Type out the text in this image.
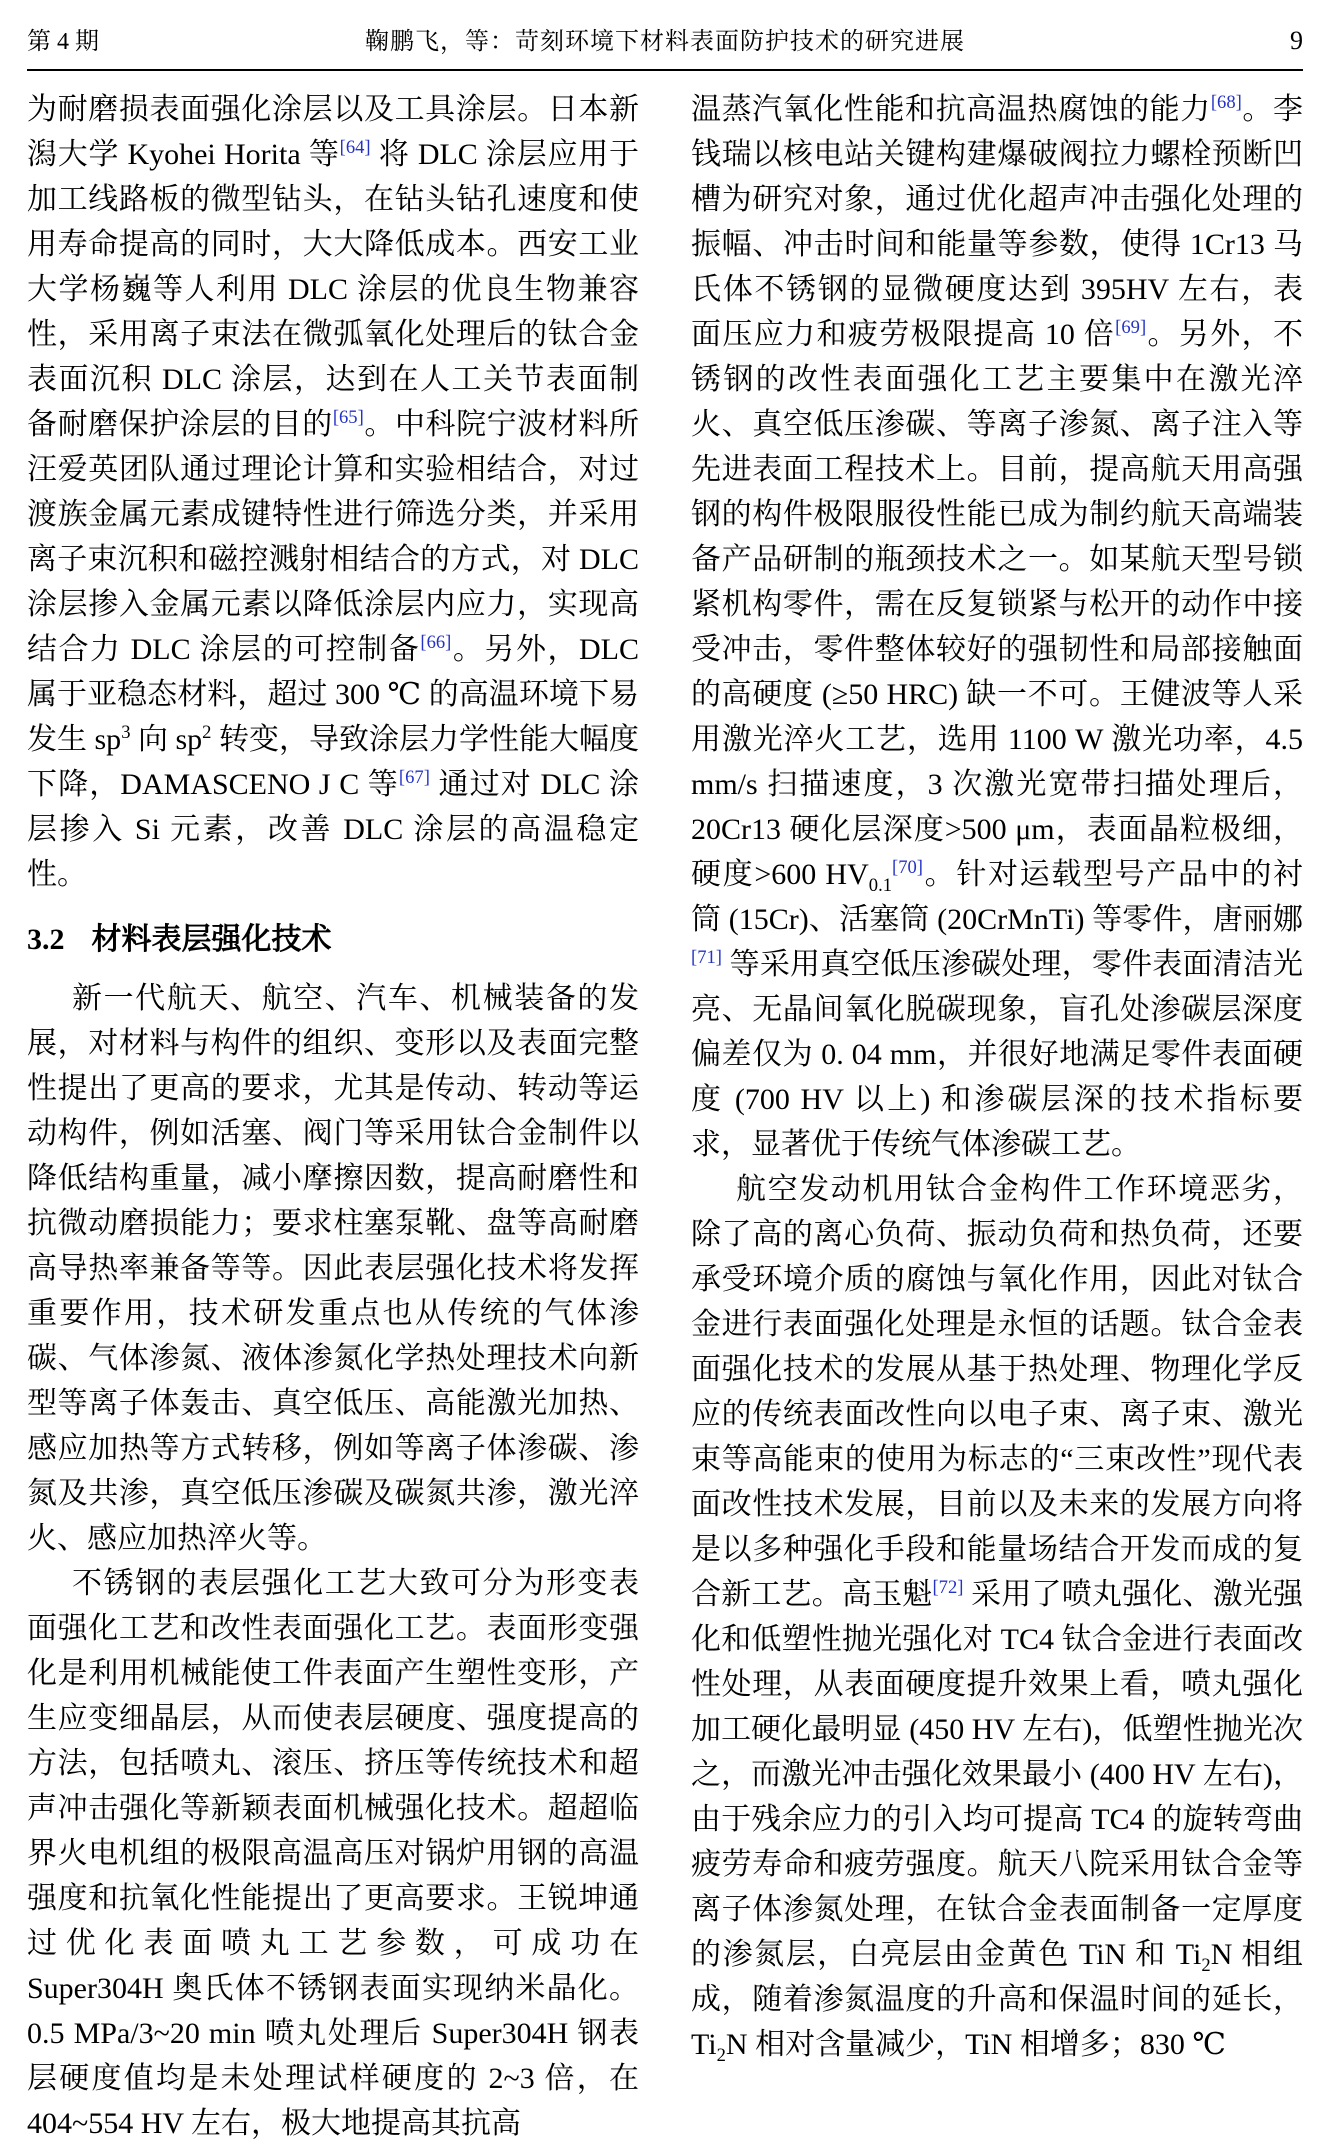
第 4 期	鞠鹏飞，等：苛刻环境下材料表面防护技术的研究进展	9

为耐磨损表面强化涂层以及工具涂层。日本新潟大学 Kyohei Horita 等[64] 将 DLC 涂层应用于加工线路板的微型钻头，在钻头钻孔速度和使用寿命提高的同时，大大降低成本。西安工业大学杨巍等人利用 DLC 涂层的优良生物兼容性，采用离子束法在微弧氧化处理后的钛合金表面沉积 DLC 涂层，达到在人工关节表面制备耐磨保护涂层的目的[65]。中科院宁波材料所汪爱英团队通过理论计算和实验相结合，对过渡族金属元素成键特性进行筛选分类，并采用离子束沉积和磁控溅射相结合的方式，对 DLC 涂层掺入金属元素以降低涂层内应力，实现高结合力 DLC 涂层的可控制备[66]。另外，DLC 属于亚稳态材料，超过 300 ℃ 的高温环境下易发生 $sp^3$ 向 $sp^2$ 转变，导致涂层力学性能大幅度下降，DAMASCENO J C 等[67] 通过对 DLC 涂层掺入 Si 元素，改善 DLC 涂层的高温稳定性。

3.2 材料表层强化技术

新一代航天、航空、汽车、机械装备的发展，对材料与构件的组织、变形以及表面完整性提出了更高的要求，尤其是传动、转动等运动构件，例如活塞、阀门等采用钛合金制件以降低结构重量，减小摩擦因数，提高耐磨性和抗微动磨损能力；要求柱塞泵靴、盘等高耐磨高导热率兼备等等。因此表层强化技术将发挥重要作用，技术研发重点也从传统的气体渗碳、气体渗氮、液体渗氮化学热处理技术向新型等离子体轰击、真空低压、高能激光加热、感应加热等方式转移，例如等离子体渗碳、渗氮及共渗，真空低压渗碳及碳氮共渗，激光淬火、感应加热淬火等。

不锈钢的表层强化工艺大致可分为形变表面强化工艺和改性表面强化工艺。表面形变强化是利用机械能使工件表面产生塑性变形，产生应变细晶层，从而使表层硬度、强度提高的方法，包括喷丸、滚压、挤压等传统技术和超声冲击强化等新颖表面机械强化技术。超超临界火电机组的极限高温高压对锅炉用钢的高温强度和抗氧化性能提出了更高要求。王锐坤通过优化表面喷丸工艺参数，可成功在 Super304H 奥氏体不锈钢表面实现纳米晶化。0.5 MPa/3~20 min 喷丸处理后 Super304H 钢表层硬度值均是未处理试样硬度的 2~3 倍，在 404~554 HV 左右，极大地提高其抗高

温蒸汽氧化性能和抗高温热腐蚀的能力[68]。李钱瑞以核电站关键构建爆破阀拉力螺栓预断凹槽为研究对象，通过优化超声冲击强化处理的振幅、冲击时间和能量等参数，使得 1Cr13 马氏体不锈钢的显微硬度达到 395HV 左右，表面压应力和疲劳极限提高 10 倍[69]。另外，不锈钢的改性表面强化工艺主要集中在激光淬火、真空低压渗碳、等离子渗氮、离子注入等先进表面工程技术上。目前，提高航天用高强钢的构件极限服役性能已成为制约航天高端装备产品研制的瓶颈技术之一。如某航天型号锁紧机构零件，需在反复锁紧与松开的动作中接受冲击，零件整体较好的强韧性和局部接触面的高硬度 (≥50 HRC) 缺一不可。王健波等人采用激光淬火工艺，选用 1100 W 激光功率，4.5 mm/s 扫描速度，3 次激光宽带扫描处理后，20Cr13 硬化层深度>500 μm，表面晶粒极细，硬度>600 $HV_{0.1}[70]$。针对运载型号产品中的衬筒 (15Cr)、活塞筒 (20CrMnTi) 等零件，唐丽娜[71] 等采用真空低压渗碳处理，零件表面清洁光亮、无晶间氧化脱碳现象，盲孔处渗碳层深度偏差仅为 0. 04 mm，并很好地满足零件表面硬度 (700 HV 以上) 和渗碳层深的技术指标要求，显著优于传统气体渗碳工艺。

航空发动机用钛合金构件工作环境恶劣，除了高的离心负荷、振动负荷和热负荷，还要承受环境介质的腐蚀与氧化作用，因此对钛合金进行表面强化处理是永恒的话题。钛合金表面强化技术的发展从基于热处理、物理化学反应的传统表面改性向以电子束、离子束、激光束等高能束的使用为标志的“三束改性”现代表面改性技术发展，目前以及未来的发展方向将是以多种强化手段和能量场结合开发而成的复合新工艺。高玉魁[72] 采用了喷丸强化、激光强化和低塑性抛光强化对 TC4 钛合金进行表面改性处理，从表面硬度提升效果上看，喷丸强化加工硬化最明显 (450 HV 左右)，低塑性抛光次之，而激光冲击强化效果最小 (400 HV 左右)，由于残余应力的引入均可提高 TC4 的旋转弯曲疲劳寿命和疲劳强度。航天八院采用钛合金等离子体渗氮处理，在钛合金表面制备一定厚度的渗氮层，白亮层由金黄色 TiN 和 $Ti_2N$ 相组成，随着渗氮温度的升高和保温时间的延长，$Ti_2N$ 相对含量减少，TiN 相增多；830 ℃
